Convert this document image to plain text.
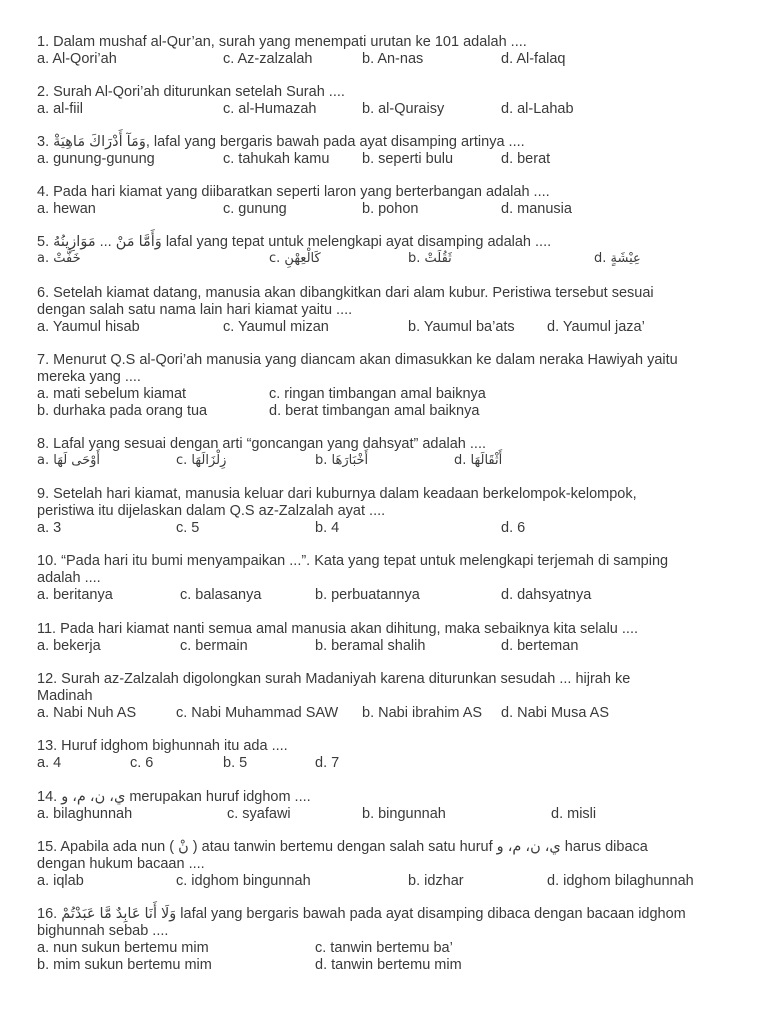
1. Dalam mushaf al-Qur’an, surah yang menempati urutan ke 101 adalah ....
a. Al-Qori’ah	c. Az-zalzalah	b. An-nas	d. Al-falaq
2. Surah Al-Qori’ah diturunkan setelah Surah ....
a. al-fiil	c. al-Humazah	b. al-Quraisy	d. al-Lahab
3. وَمَآ أَدْرَاكَ مَاهِيَةْ, lafal yang bergaris bawah pada ayat disamping artinya ....
a. gunung-gunung	c. tahukah kamu b. seperti bulu	d. berat
4. Pada hari kiamat yang diibaratkan seperti laron yang berterbangan adalah ....
a. hewan	c. gunung	b. pohon	d. manusia
5. وَأَمَّا مَنْ ... مَوَازِينُهُ lafal yang tepat untuk melengkapi ayat disamping adalah ....
a. خَفَّتْ	c. كَالْعِهْنِ	b. ثَقُلَتْ	d. عِيْشَةٍ
6. Setelah kiamat datang, manusia akan dibangkitkan dari alam kubur. Peristiwa tersebut sesuai
dengan salah satu nama lain hari kiamat yaitu ....
a. Yaumul hisab	c. Yaumul mizan	b. Yaumul ba’ats d. Yaumul jaza’
7. Menurut Q.S al-Qori’ah manusia yang diancam akan dimasukkan ke dalam neraka Hawiyah yaitu
mereka yang ....
a. mati sebelum kiamat	c. ringan timbangan amal baiknya
b. durhaka pada orang tua	d. berat timbangan amal baiknya
8. Lafal yang sesuai dengan arti “goncangan yang dahsyat” adalah ....
a. أَوْحَى لَهَا	c. زِلْزَالَهَا	b. أَخْبَارَهَا	d. أَثْقَالَهَا
9. Setelah hari kiamat, manusia keluar dari kuburnya dalam keadaan berkelompok-kelompok,
peristiwa itu dijelaskan dalam Q.S az-Zalzalah ayat ....
a. 3	c. 5	b. 4	d. 6
10. “Pada hari itu bumi menyampaikan ...”. Kata yang tepat untuk melengkapi terjemah di samping
adalah ....
a. beritanya	c. balasanya	b. perbuatannya	d. dahsyatnya
11. Pada hari kiamat nanti semua amal manusia akan dihitung, maka sebaiknya kita selalu ....
a. bekerja	c. bermain	b. beramal shalih	d. berteman
12. Surah az-Zalzalah digolongkan surah Madaniyah karena diturunkan sesudah ... hijrah ke
Madinah
a. Nabi Nuh AS	c. Nabi Muhammad SAW b. Nabi ibrahim AS d. Nabi Musa AS
13. Huruf idghom bighunnah itu ada ....
a. 4	c. 6	b. 5	d. 7
14. ي، ن، م، و merupakan huruf idghom ....
a. bilaghunnah	c. syafawi	b. bingunnah	d. misli
15. Apabila ada nun ( نْ ) atau tanwin bertemu dengan salah satu huruf ي، ن، م، و harus dibaca
dengan hukum bacaan ....
a. iqlab	c. idghom bingunnah	b. idzhar	d. idghom bilaghunnah
16. وَلَا أَنَا عَابِدٌ مَّا عَبَدْتُمْ lafal yang bergaris bawah pada ayat disamping dibaca dengan bacaan idghom
bighunnah sebab ....
a. nun sukun bertemu mim	c. tanwin bertemu ba’
b. mim sukun bertemu mim	d. tanwin bertemu mim
